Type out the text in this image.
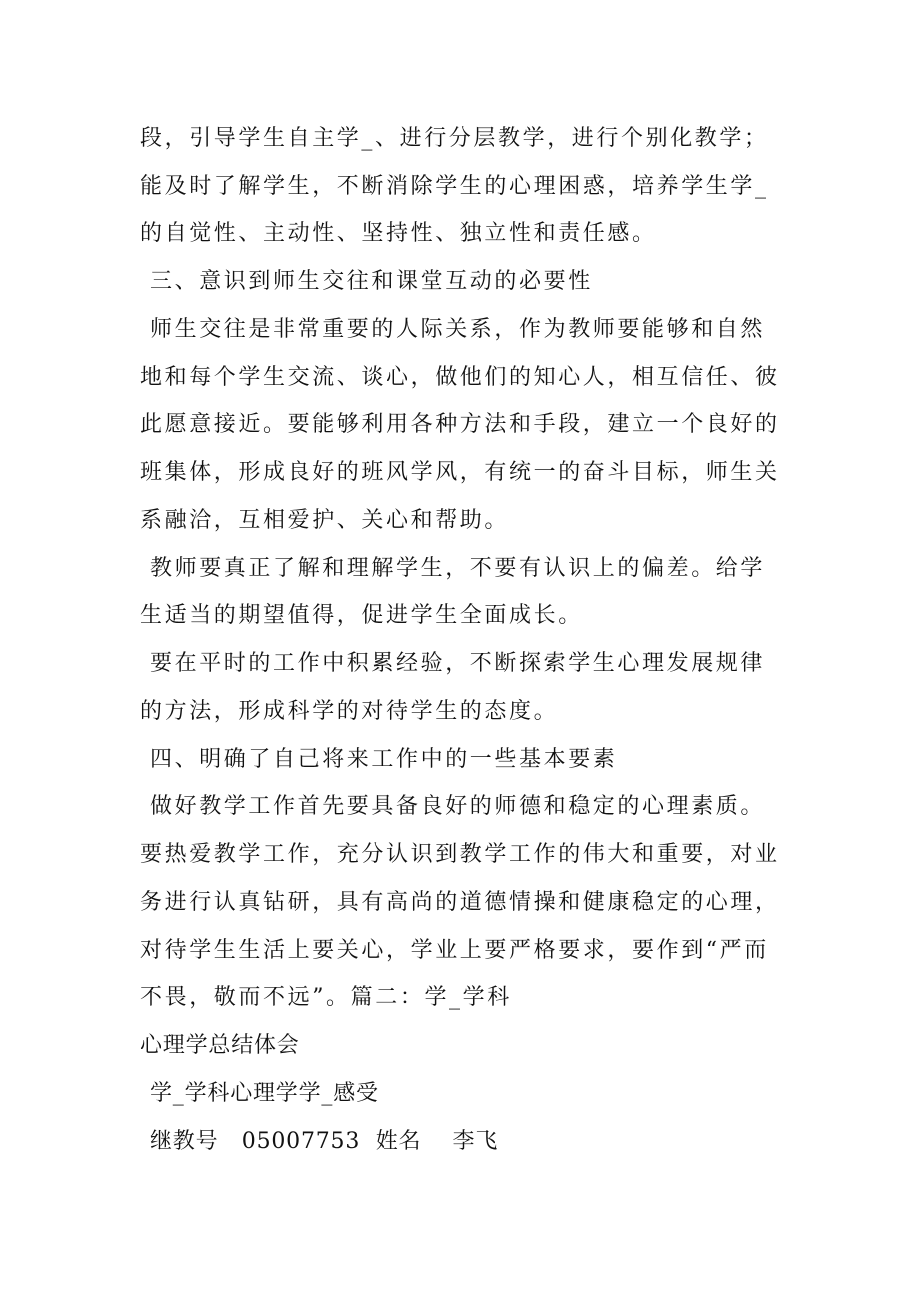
段，引导学生自主学_、进行分层教学，进行个别化教学；
能及时了解学生，不断消除学生的心理困惑，培养学生学_
的自觉性、主动性、坚持性、独立性和责任感。
三、意识到师生交往和课堂互动的必要性
师生交往是非常重要的人际关系，作为教师要能够和自然
地和每个学生交流、谈心，做他们的知心人，相互信任、彼
此愿意接近。要能够利用各种方法和手段，建立一个良好的
班集体，形成良好的班风学风，有统一的奋斗目标，师生关
系融洽，互相爱护、关心和帮助。
教师要真正了解和理解学生，不要有认识上的偏差。给学
生适当的期望值得，促进学生全面成长。
要在平时的工作中积累经验，不断探索学生心理发展规律
的方法，形成科学的对待学生的态度。
四、明确了自己将来工作中的一些基本要素
做好教学工作首先要具备良好的师德和稳定的心理素质。
要热爱教学工作，充分认识到教学工作的伟大和重要，对业
务进行认真钻研，具有高尚的道德情操和健康稳定的心理，
对待学生生活上要关心，学业上要严格要求，要作到“严而
不畏，敬而不远”。篇二：学_学科
心理学总结体会
学_学科心理学学_感受
继教号   05007753  姓名    李飞
